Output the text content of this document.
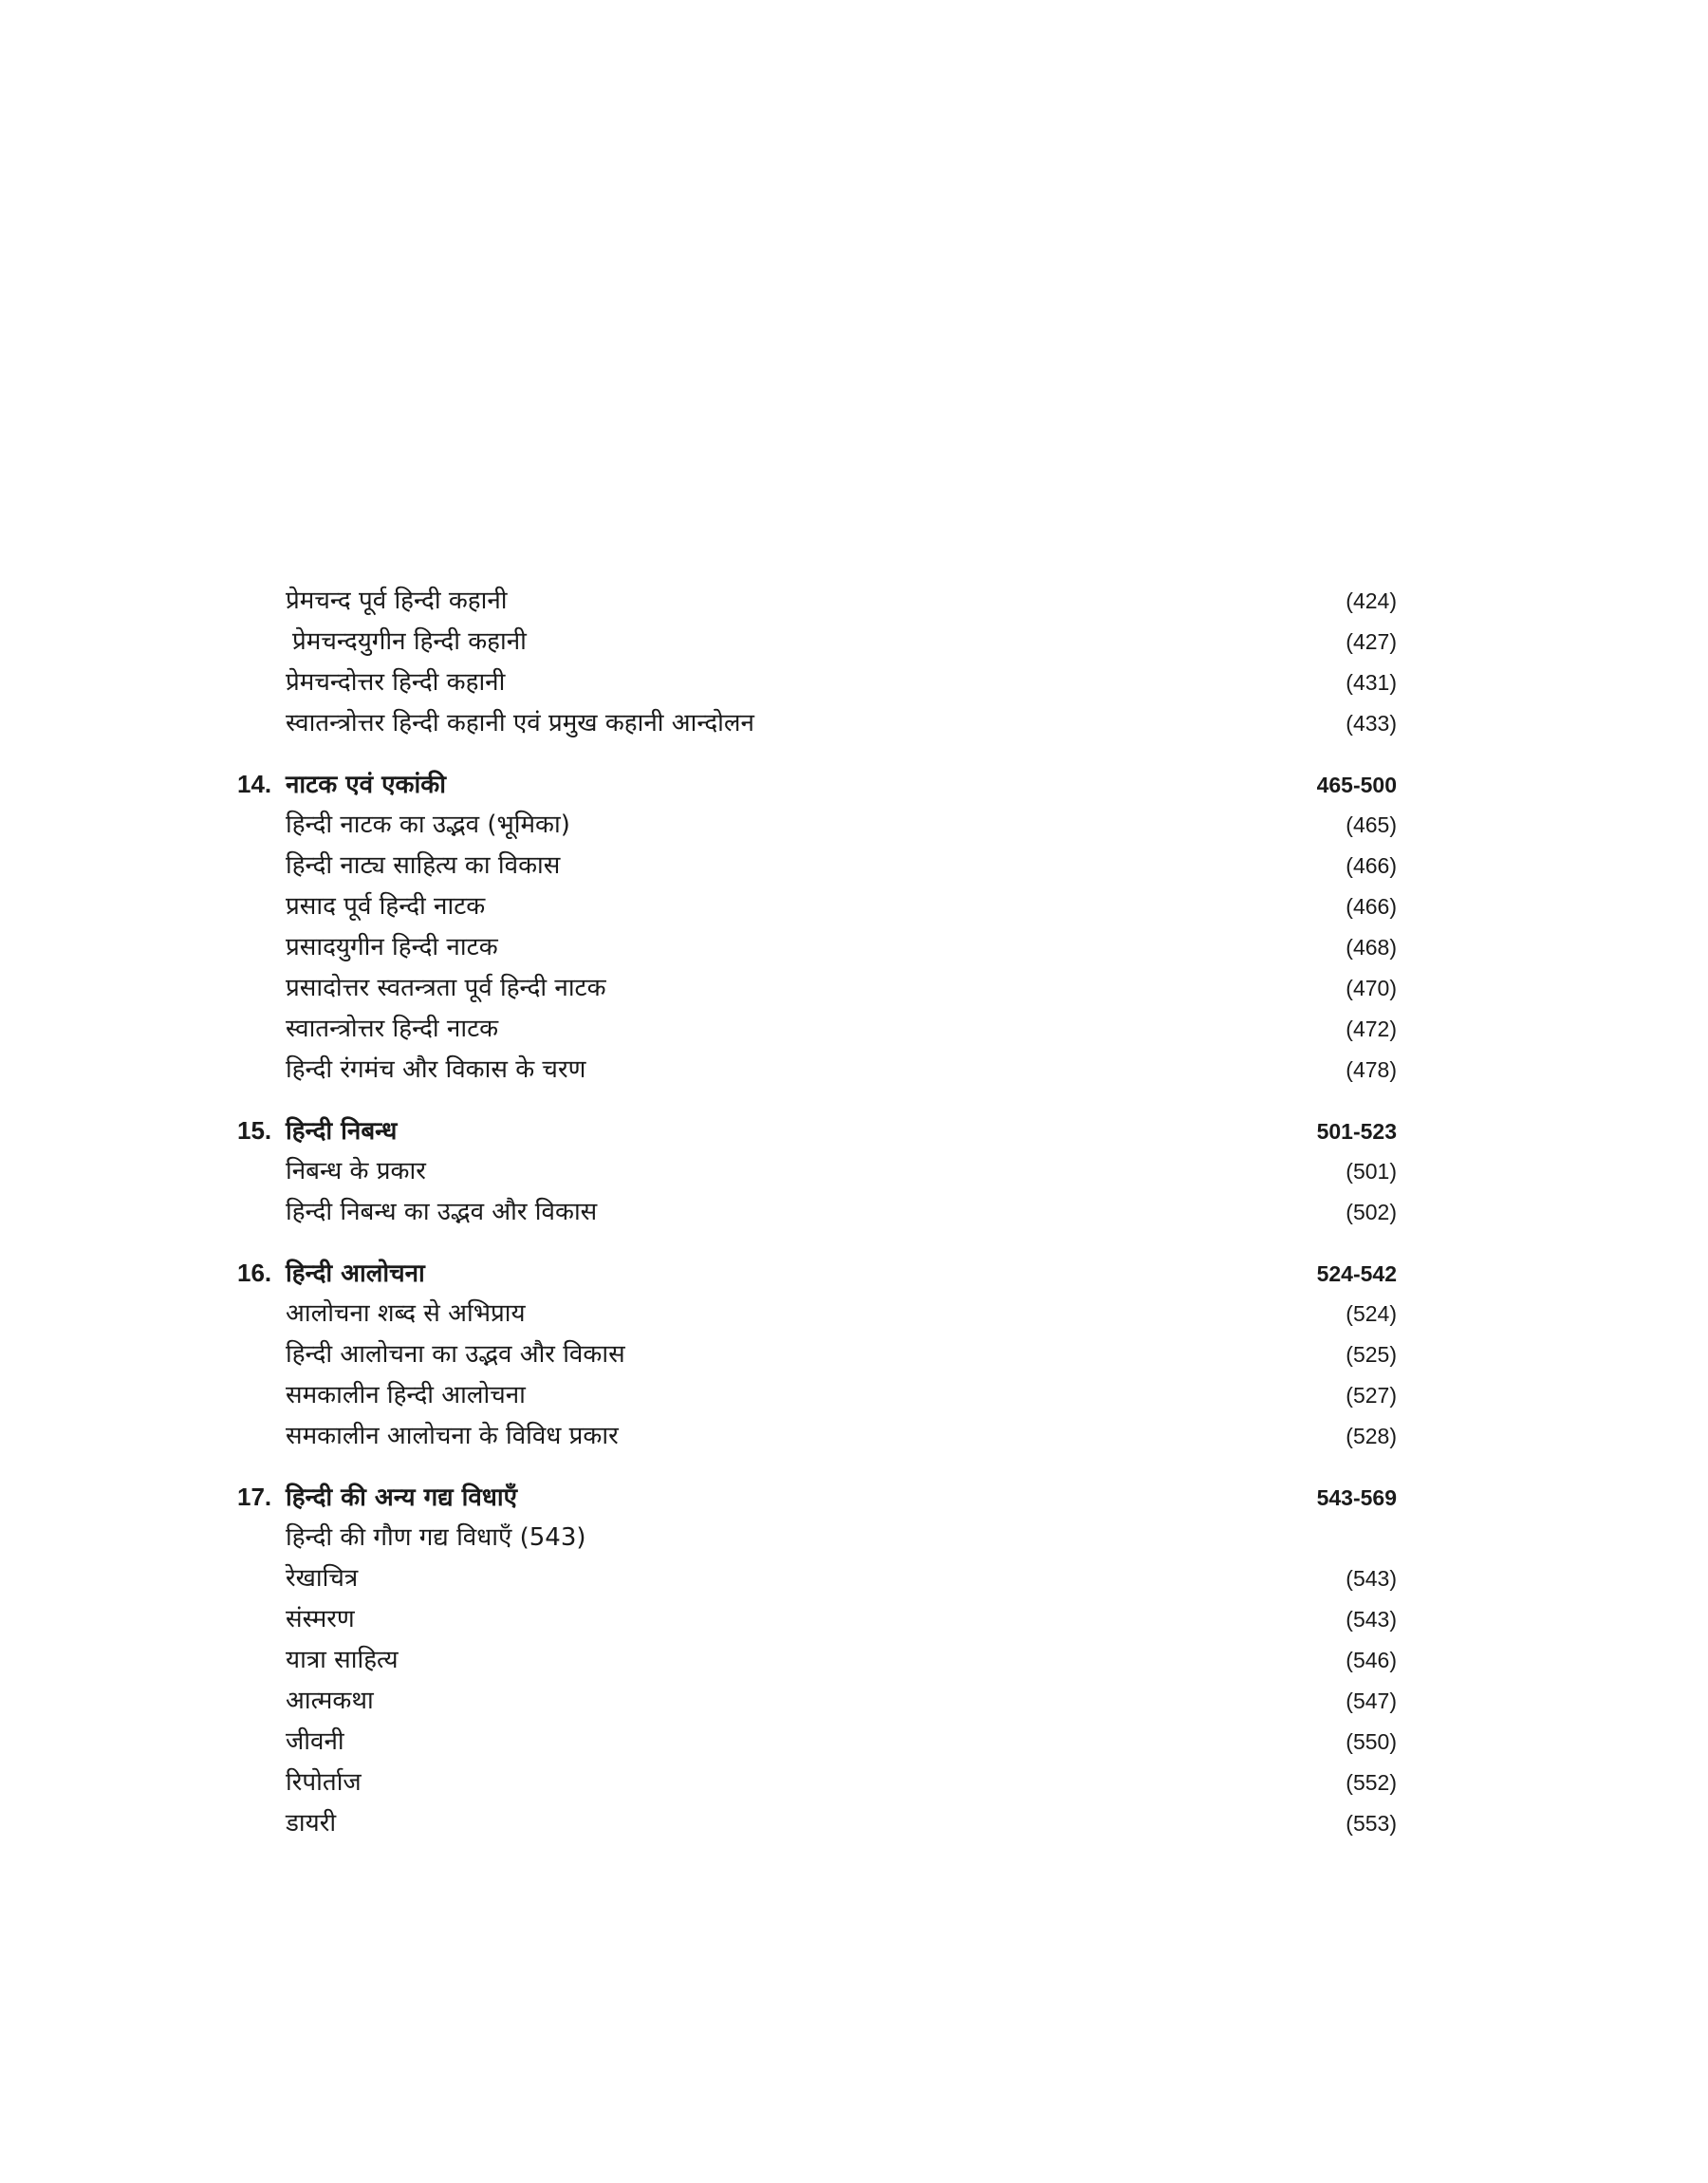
प्रेमचन्द पूर्व हिन्दी कहानी	(424)
प्रेमचन्दयुगीन हिन्दी कहानी	(427)
प्रेमचन्दोत्तर हिन्दी कहानी	(431)
स्वातन्त्रोत्तर हिन्दी कहानी एवं प्रमुख कहानी आन्दोलन	(433)
14. नाटक एवं एकांकी	465-500
हिन्दी नाटक का उद्भव (भूमिका)	(465)
हिन्दी नाट्य साहित्य का विकास	(466)
प्रसाद पूर्व हिन्दी नाटक	(466)
प्रसादयुगीन हिन्दी नाटक	(468)
प्रसादोत्तर स्वतन्त्रता पूर्व हिन्दी नाटक	(470)
स्वातन्त्रोत्तर हिन्दी नाटक	(472)
हिन्दी रंगमंच और विकास के चरण	(478)
15. हिन्दी निबन्ध	501-523
निबन्ध के प्रकार	(501)
हिन्दी निबन्ध का उद्भव और विकास	(502)
16. हिन्दी आलोचना	524-542
आलोचना शब्द से अभिप्राय	(524)
हिन्दी आलोचना का उद्भव और विकास	(525)
समकालीन हिन्दी आलोचना	(527)
समकालीन आलोचना के विविध प्रकार	(528)
17. हिन्दी की अन्य गद्य विधाएँ	543-569
हिन्दी की गौण गद्य विधाएँ (543)
रेखाचित्र	(543)
संस्मरण	(543)
यात्रा साहित्य	(546)
आत्मकथा	(547)
जीवनी	(550)
रिपोर्ताज	(552)
डायरी	(553)
